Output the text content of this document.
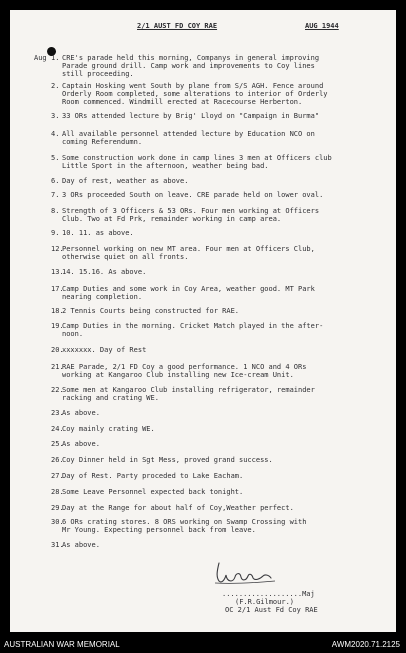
2/1 AUST FD COY RAE	AUG 1944
Aug 1. CRE's parade held this morning, Companys in general improving
Parade ground drill. Camp work and improvements to Coy lines
still proceeding.
2. Captain Hosking went South by plane from S/S AGH. Fence around
Orderly Room completed, some alterations to interior of Orderly
Room commenced. Windmill erected at Racecourse Herberton.
3. 33 ORs attended lecture by Brig' Lloyd on "Campaign in Burma"
4. All available personnel attended lecture by Education NCO on
coming Referendumn.
5. Some construction work done in camp lines 3 men at Officers club
Little Sport in the afternoon, weather being bad.
6. Day of rest, weather as above.
7. 3 ORs proceeded South on leave. CRE parade held on lower oval.
8. Strength of 3 Officers & 53 ORs. Four men working at Officers
Club. Two at Fd Prk, remainder working in camp area.
9. 10. 11. as above.
12.Personnel working on new MT area. Four men at Officers Club,
otherwise quiet on all fronts.
13.14. 15.16. As above.
17.Camp Duties and some work in Coy Area, weather good. MT Park
nearing completion.
18.2 Tennis Courts being constructed for RAE.
19.Camp Duties in the morning. Cricket Match played in the after-
noon.
20.xxxxxxx. Day of Rest
21.RAE Parade, 2/1 FD Coy a good performance. 1 NCO and 4 ORs
working at Kangaroo Club installing new Ice-cream Unit.
22.Some men at Kangaroo Club installing refrigerator, remainder
racking and crating WE.
23.As above.
24.Coy mainly crating WE.
25.As above.
26.Coy Dinner held in Sgt Mess, proved grand success.
27.Day of Rest. Party proceded to Lake Eacham.
28.Some Leave Personnel expected back tonight.
29.Day at the Range for about half of Coy,Weather perfect.
30.6 ORs crating stores. 8 ORS working on Swamp Crossing with
Mr Young. Expecting personnel back from leave.
31.As above.
...................Maj
(F.R.Gilmour.)
OC 2/1 Aust Fd Coy RAE
AUSTRALIAN WAR MEMORIAL	AWM2020.71.2125
